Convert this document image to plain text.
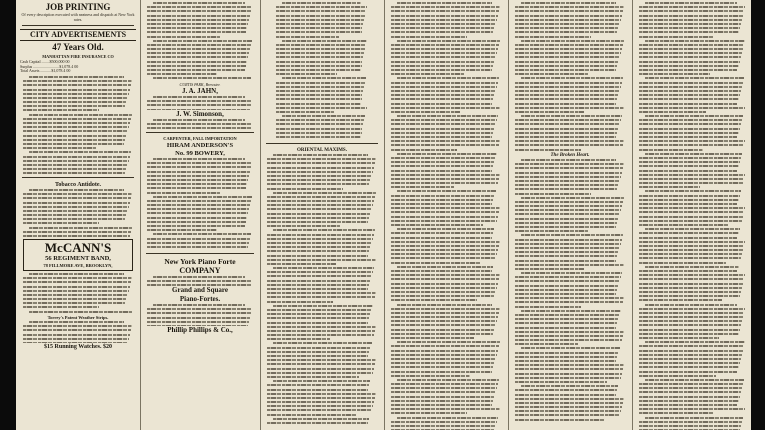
JOB PRINTING
Of every description executed with neatness and dispatch at New York rates.
CITY ADVERTISEMENTS
47 Years Old.
MANHATTAN FIRE INSURANCE CO
Cash Capital ........$500,000 00
Surplus ..........................$1,078.4 00
Total Assets ...........$1,078.4 00
Tobacco Antidote.
McCANN'S
56 REGIMENT BAND,
78 FILLMORE AVE, BROOKLYN,
Torrey's Patent Weather Strips.
$15 Running Watches. $20
CURTIS PARK, Brewster.
J. A. JAHN,
J. W. Simonson,
CARPENTER, FALL IMPORTATION
HIRAM ANDERSON'S
No. 99 BOWERY,
New York Piano Forte
COMPANY
Grand and Square
Piano-Fortes.
Phillip Phillips & Co.,
ORIENTAL MAXIMS.
The Broken Heart.
